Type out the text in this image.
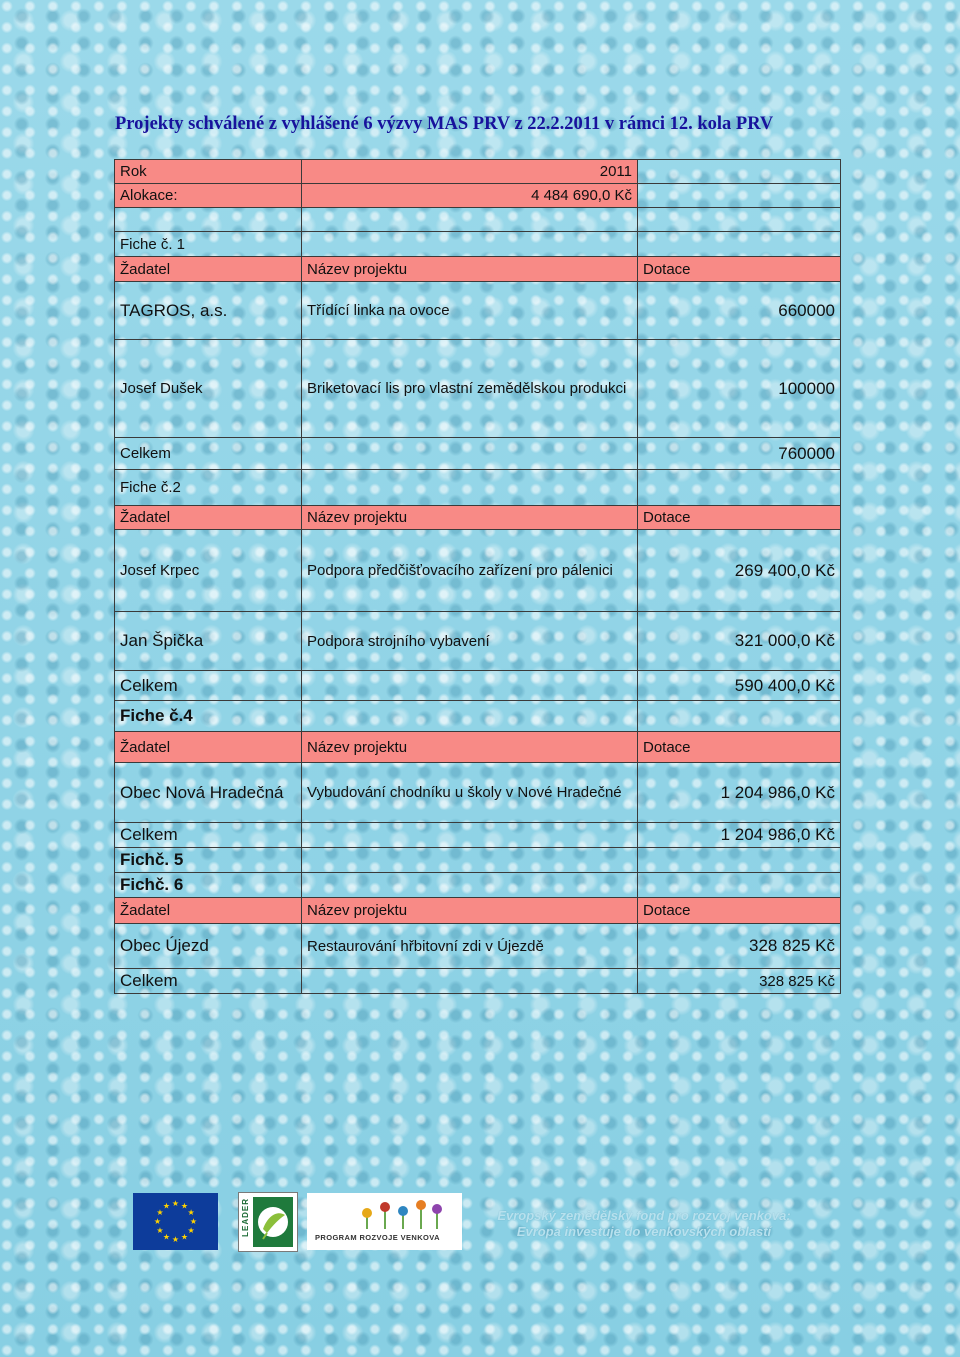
Projekty schválené z vyhlášené 6 výzvy MAS PRV z 22.2.2011 v rámci 12. kola PRV
Rok	2011	
Alokace:	4 484 690,0 Kč	

Fiche č. 1		
Žadatel	Název projektu	Dotace
TAGROS, a.s.	Třídící linka na ovoce	660000
Josef Dušek	Briketovací lis pro vlastní zemědělskou produkci	100000
Celkem		760000
Fiche č.2		
Žadatel	Název projektu	Dotace
Josef Krpec	Podpora předčišťovacího zařízení pro pálenici	269 400,0 Kč
Jan Špička	Podpora strojního vybavení	321 000,0 Kč
Celkem		590 400,0 Kč
Fiche č.4		
Žadatel	Název projektu	Dotace
Obec Nová Hradečná	Vybudování chodníku u školy v Nové Hradečné	1 204 986,0 Kč
Celkem		1 204 986,0 Kč
Fichč. 5		
Fichč. 6		
Žadatel	Název projektu	Dotace
Obec Újezd	Restaurování hřbitovní zdi v Újezdě	328 825 Kč
Celkem		328 825 Kč
★ ★
★
★
★
★
★
★
★
★
★
★	LEADER
PROGRAM ROZVOJE VENKOVA
Evropský zemědělský fond pro rozvoj venkova:
Evropa investuje do venkovských oblastí
